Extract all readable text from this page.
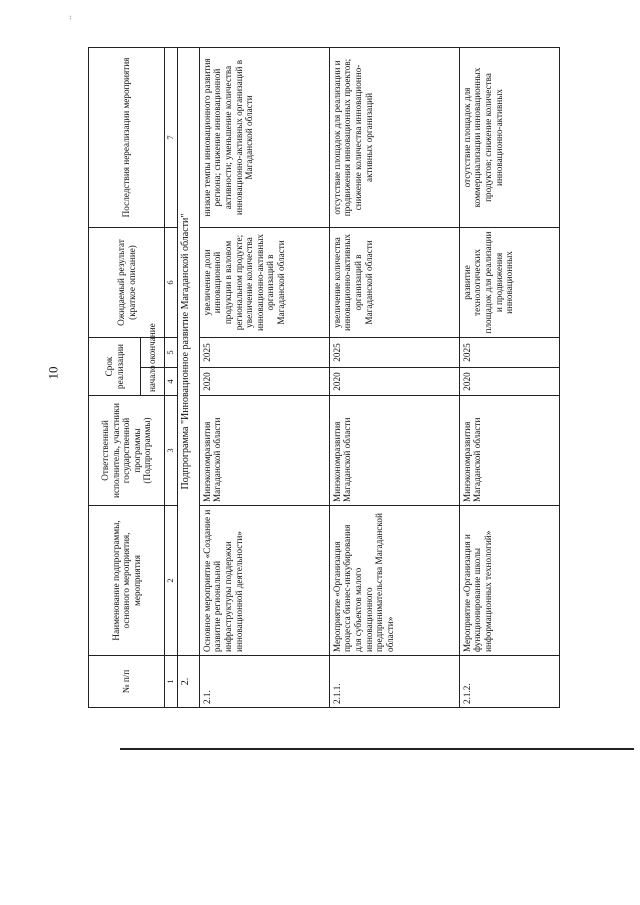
10
..
№ п/п	Наименование подпрограммы, основного мероприятия, мероприятия	Ответственный исполнитель, участники государственной программы (Подпрограммы)	Срок реализации		Ожидаемый результат (краткое описание)	Последствия нереализации мероприятия
			начало	окончание		
1	2	3	4	5	6	7
2.	Подпрограмма "Инновационное развитие Магаданской области"					
2.1.	Основное мероприятие «Создание и развитие региональной инфраструктуры поддержки инновационной деятельности»	Минэкономразвития Магаданской области	2020	2025	увеличение доли инновационной продукции в валовом региональном продукте; увеличение количества инновационно-активных организаций в Магаданской области	низкие темпы инновационного развития региона; снижение инновационной активности; уменьшение количества инновационно-активных организаций в Магаданской области
2.1.1.	Мероприятие «Организация процесса бизнес-инкубирования для субъектов малого инновационного предпринимательства Магаданской области»	Минэкономразвития Магаданской области	2020	2025	увеличение количества инновационно-активных организаций в Магаданской области	отсутствие площадок для реализации и продвижения инновационных проектов; снижение количества инновационно-активных организаций
2.1.2.	Мероприятие «Организация и функционирование школы информационных технологий»	Минэкономразвития Магаданской области	2020	2025	развитие технологических площадок для реализации и продвижения инновационных	отсутствие площадок для коммерциализации инновационных продуктов; снижение количества инновационно-активных
